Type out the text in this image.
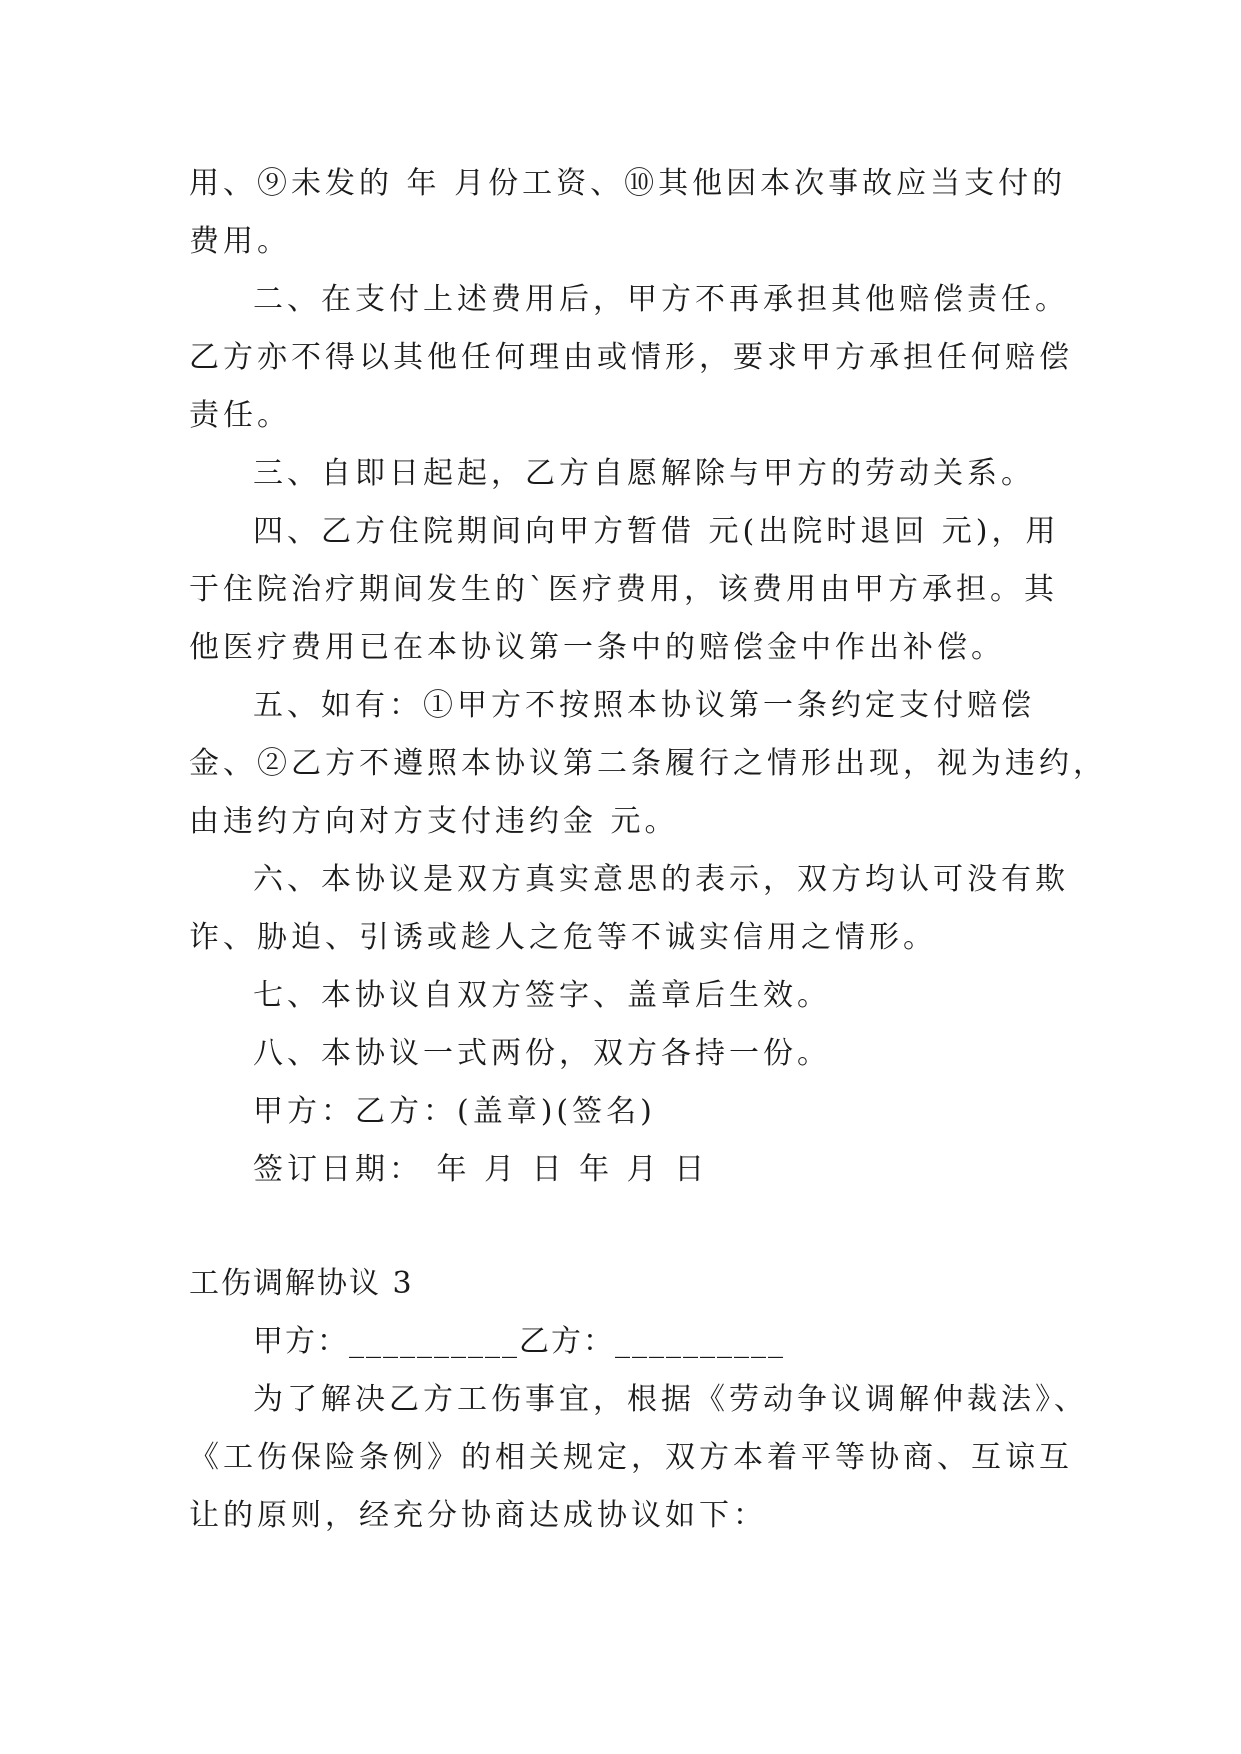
用、⑨未发的 年 月份工资、⑩其他因本次事故应当支付的
费用。
二、在支付上述费用后，甲方不再承担其他赔偿责任。
乙方亦不得以其他任何理由或情形，要求甲方承担任何赔偿
责任。
三、自即日起起，乙方自愿解除与甲方的劳动关系。
四、乙方住院期间向甲方暂借 元(出院时退回 元)，用
于住院治疗期间发生的`医疗费用，该费用由甲方承担。其
他医疗费用已在本协议第一条中的赔偿金中作出补偿。
五、如有：①甲方不按照本协议第一条约定支付赔偿
金、②乙方不遵照本协议第二条履行之情形出现，视为违约，
由违约方向对方支付违约金 元。
六、本协议是双方真实意思的表示，双方均认可没有欺
诈、胁迫、引诱或趁人之危等不诚实信用之情形。
七、本协议自双方签字、盖章后生效。
八、本协议一式两份，双方各持一份。
甲方：乙方：(盖章)(签名)
签订日期： 年 月 日 年 月 日
工伤调解协议 3
甲方：__________乙方：__________
为了解决乙方工伤事宜，根据《劳动争议调解仲裁法》、
《工伤保险条例》的相关规定，双方本着平等协商、互谅互
让的原则，经充分协商达成协议如下：
